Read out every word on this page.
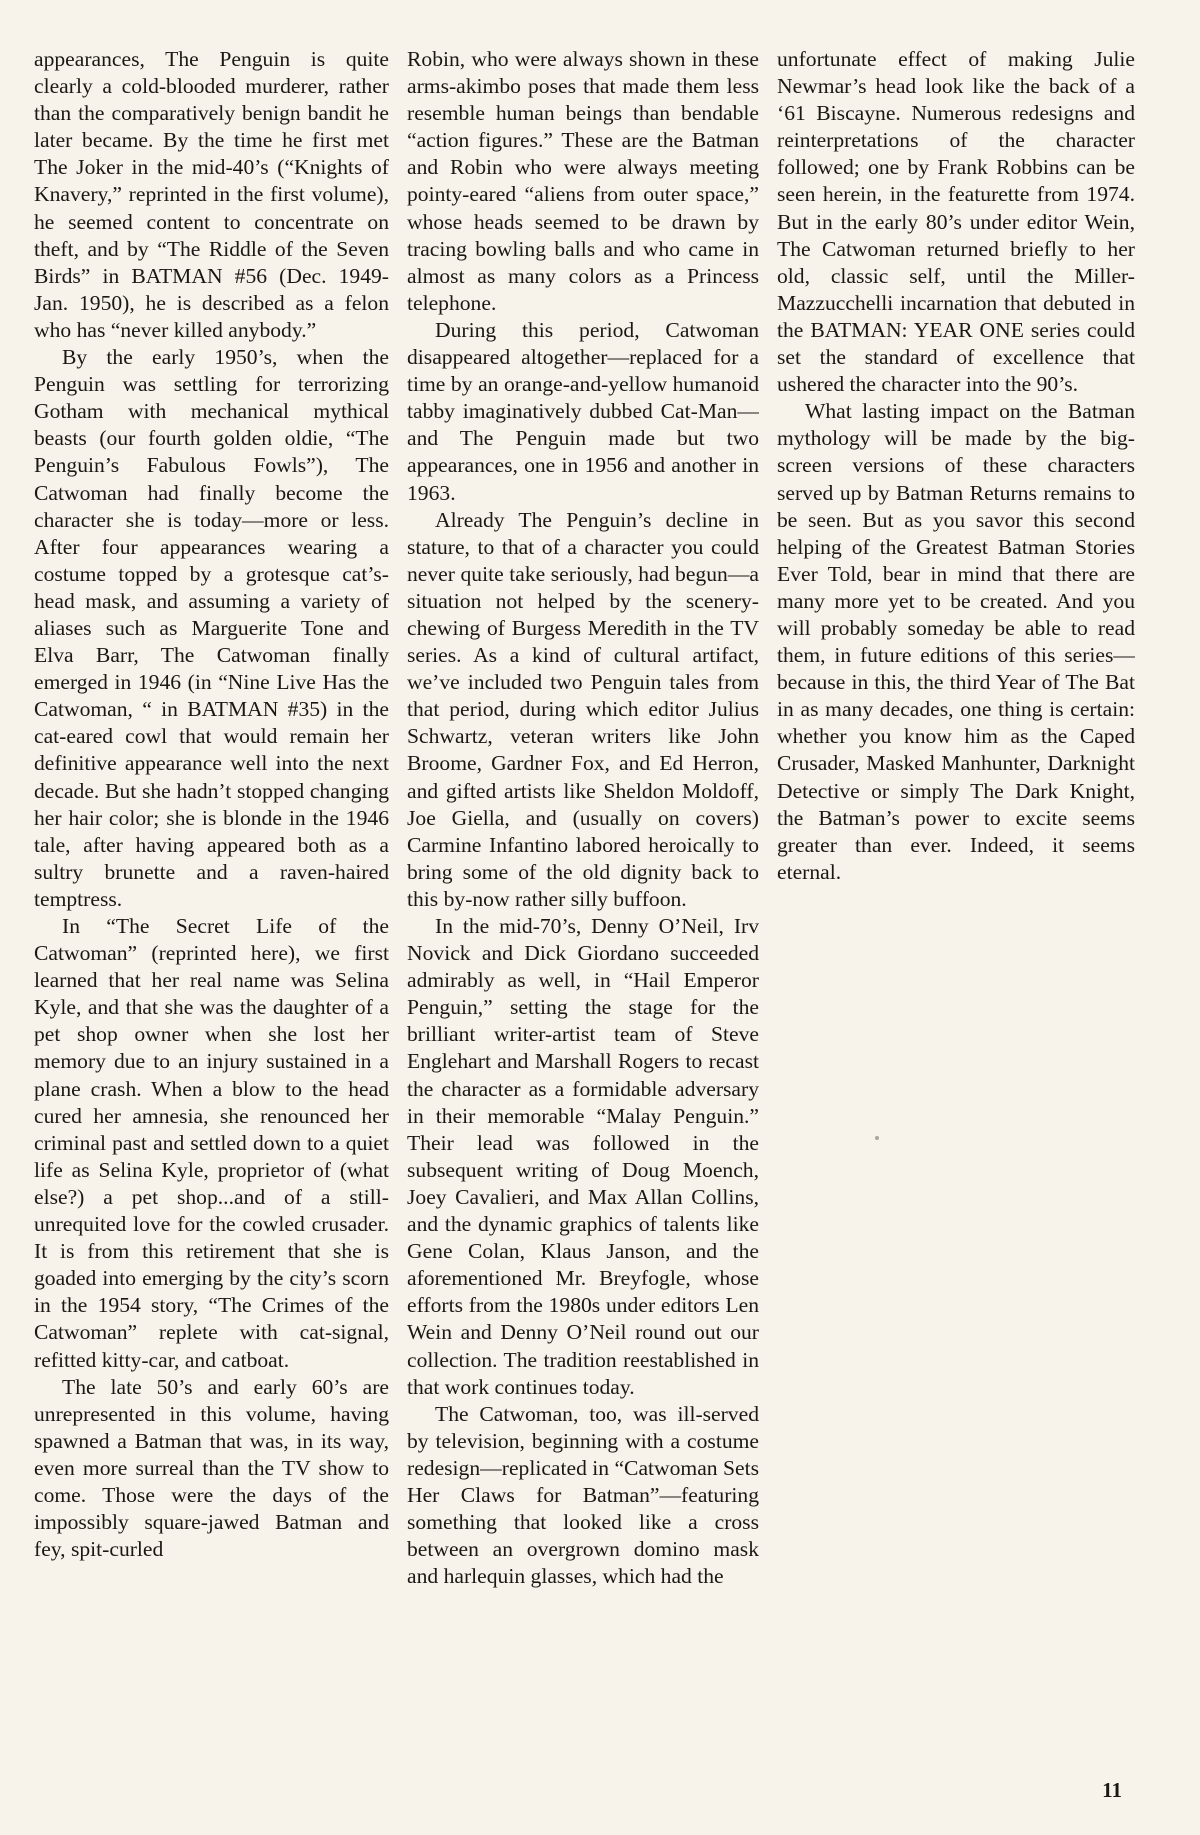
appearances, The Penguin is quite clearly a cold-blooded murderer, rather than the comparatively benign bandit he later became. By the time he first met The Joker in the mid-40’s (“Knights of Knavery,” reprinted in the first volume), he seemed content to concentrate on theft, and by “The Riddle of the Seven Birds” in BATMAN #56 (Dec. 1949-Jan. 1950), he is described as a felon who has “never killed anybody.”

By the early 1950’s, when the Penguin was settling for terrorizing Gotham with mechanical mythical beasts (our fourth golden oldie, “The Penguin’s Fabulous Fowls”), The Catwoman had finally become the character she is today—more or less. After four appearances wearing a costume topped by a grotesque cat’s-head mask, and assuming a variety of aliases such as Marguerite Tone and Elva Barr, The Catwoman finally emerged in 1946 (in “Nine Live Has the Catwoman, “ in BATMAN #35) in the cat-eared cowl that would remain her definitive appearance well into the next decade. But she hadn’t stopped changing her hair color; she is blonde in the 1946 tale, after having appeared both as a sultry brunette and a raven-haired temptress.

In “The Secret Life of the Catwoman” (reprinted here), we first learned that her real name was Selina Kyle, and that she was the daughter of a pet shop owner when she lost her memory due to an injury sustained in a plane crash. When a blow to the head cured her amnesia, she renounced her criminal past and settled down to a quiet life as Selina Kyle, proprietor of (what else?) a pet shop...and of a still-unrequited love for the cowled crusader. It is from this retirement that she is goaded into emerging by the city’s scorn in the 1954 story, “The Crimes of the Catwoman” replete with cat-signal, refitted kitty-car, and catboat.

The late 50’s and early 60’s are unrepresented in this volume, having spawned a Batman that was, in its way, even more surreal than the TV show to come. Those were the days of the impossibly square-jawed Batman and fey, spit-curled

Robin, who were always shown in these arms-akimbo poses that made them less resemble human beings than bendable “action figures.” These are the Batman and Robin who were always meeting pointy-eared “aliens from outer space,” whose heads seemed to be drawn by tracing bowling balls and who came in almost as many colors as a Princess telephone.

During this period, Catwoman disappeared altogether—replaced for a time by an orange-and-yellow humanoid tabby imaginatively dubbed Cat-Man—and The Penguin made but two appearances, one in 1956 and another in 1963.

Already The Penguin’s decline in stature, to that of a character you could never quite take seriously, had begun—a situation not helped by the scenery-chewing of Burgess Meredith in the TV series. As a kind of cultural artifact, we’ve included two Penguin tales from that period, during which editor Julius Schwartz, veteran writers like John Broome, Gardner Fox, and Ed Herron, and gifted artists like Sheldon Moldoff, Joe Giella, and (usually on covers) Carmine Infantino labored heroically to bring some of the old dignity back to this by-now rather silly buffoon.

In the mid-70’s, Denny O’Neil, Irv Novick and Dick Giordano succeeded admirably as well, in “Hail Emperor Penguin,” setting the stage for the brilliant writer-artist team of Steve Englehart and Marshall Rogers to recast the character as a formidable adversary in their memorable “Malay Penguin.” Their lead was followed in the subsequent writing of Doug Moench, Joey Cavalieri, and Max Allan Collins, and the dynamic graphics of talents like Gene Colan, Klaus Janson, and the aforementioned Mr. Breyfogle, whose efforts from the 1980s under editors Len Wein and Denny O’Neil round out our collection. The tradition reestablished in that work continues today.

The Catwoman, too, was ill-served by television, beginning with a costume redesign—replicated in “Catwoman Sets Her Claws for Batman”—featuring something that looked like a cross between an overgrown domino mask and harlequin glasses, which had the

unfortunate effect of making Julie Newmar’s head look like the back of a ‘61 Biscayne. Numerous redesigns and reinterpretations of the character followed; one by Frank Robbins can be seen herein, in the featurette from 1974. But in the early 80’s under editor Wein, The Catwoman returned briefly to her old, classic self, until the Miller-Mazzucchelli incarnation that debuted in the BATMAN: YEAR ONE series could set the standard of excellence that ushered the character into the 90’s.

What lasting impact on the Batman mythology will be made by the big-screen versions of these characters served up by Batman Returns remains to be seen. But as you savor this second helping of the Greatest Batman Stories Ever Told, bear in mind that there are many more yet to be created. And you will probably someday be able to read them, in future editions of this series—because in this, the third Year of The Bat in as many decades, one thing is certain: whether you know him as the Caped Crusader, Masked Manhunter, Darknight Detective or simply The Dark Knight, the Batman’s power to excite seems greater than ever. Indeed, it seems eternal.

11
